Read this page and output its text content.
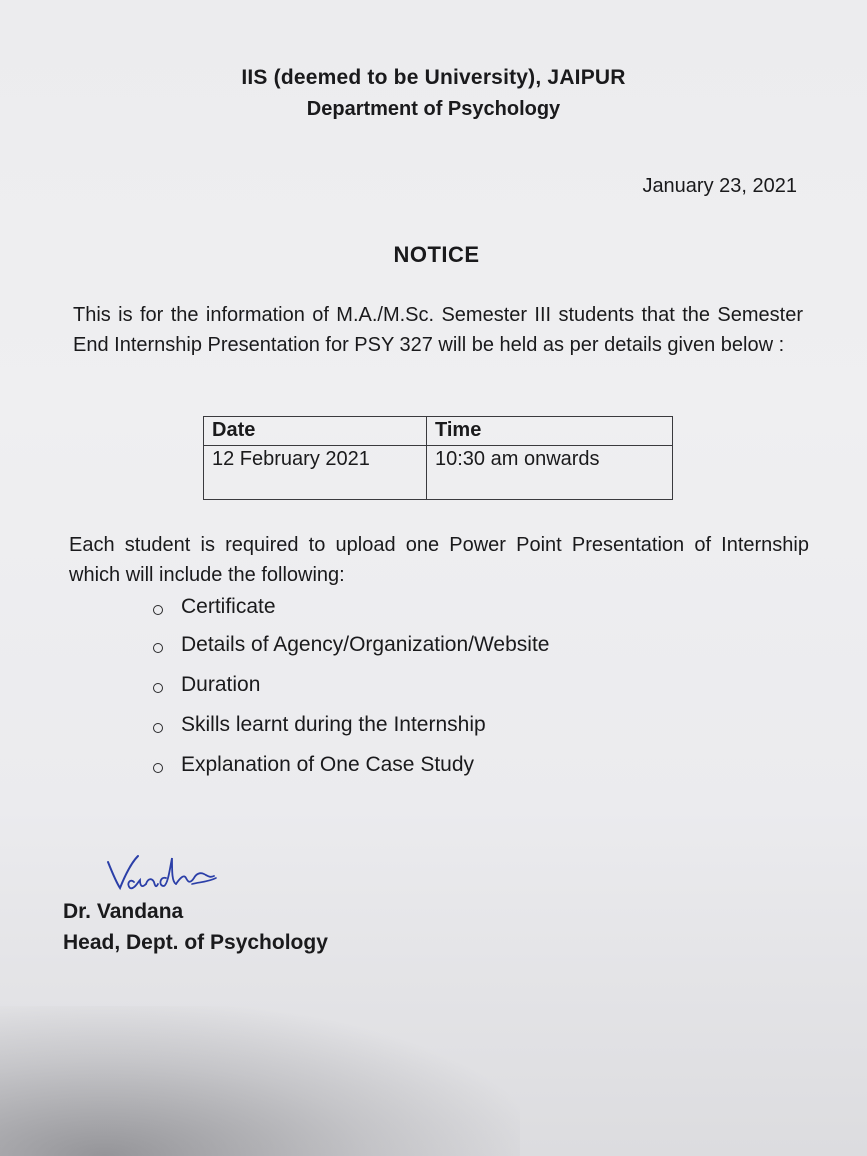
IIS (deemed to be University), JAIPUR
Department of Psychology
January 23, 2021
NOTICE
This is for the information of M.A./M.Sc. Semester III students that the Semester End Internship Presentation for PSY 327 will be held as per details given below :
Date	Time
12 February 2021	10:30 am onwards
Each student is required to upload one Power Point Presentation of Internship which will include the following:
Certificate
Details of Agency/Organization/Website
Duration
Skills learnt during the Internship
Explanation of One Case Study
Dr. Vandana
Head, Dept. of Psychology
